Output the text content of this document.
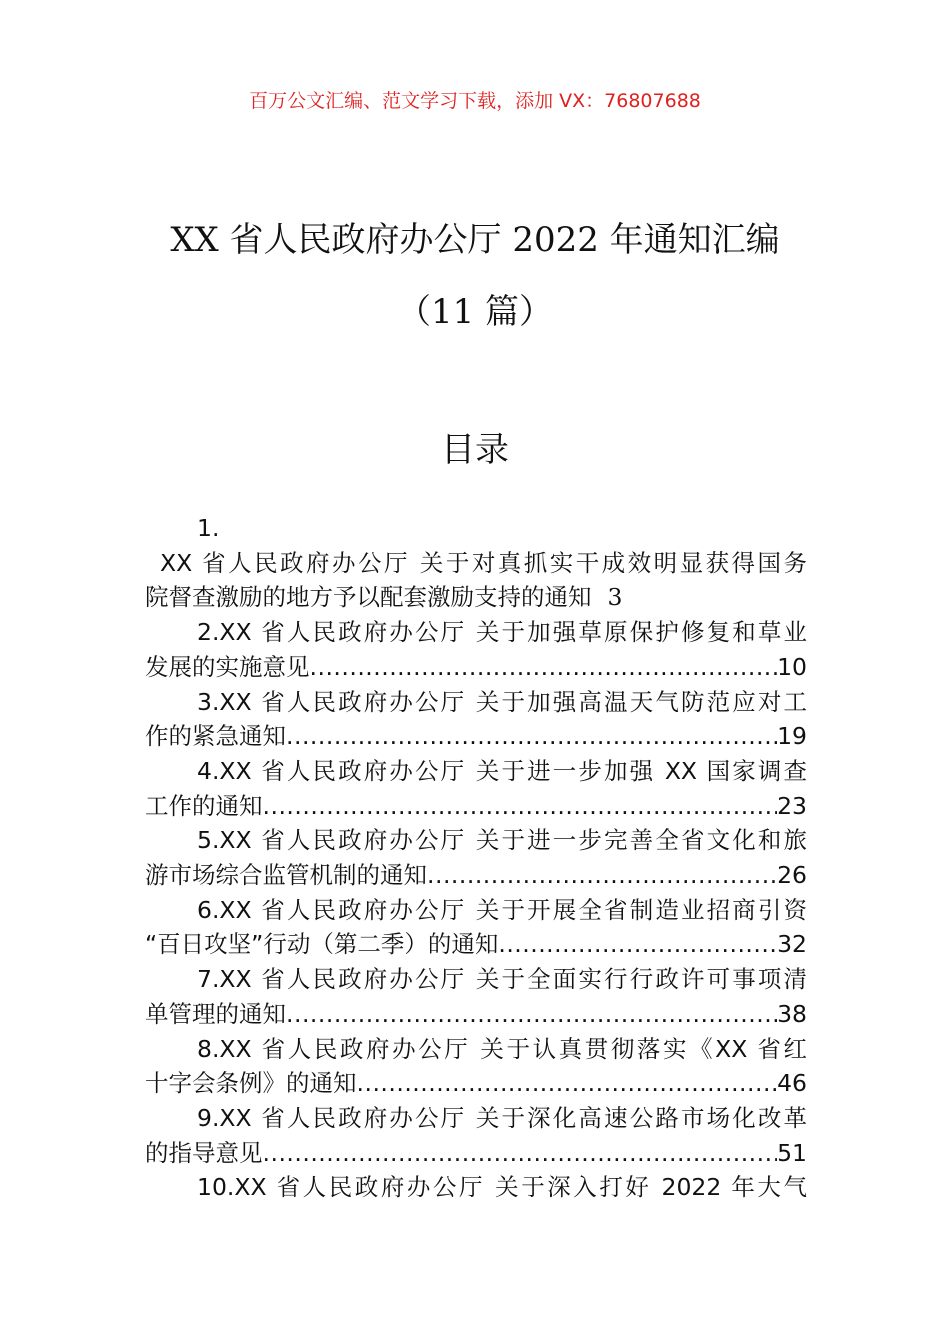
百万公文汇编、范文学习下载，添加 VX：76807688
XX 省人民政府办公厅 2022 年通知汇编
（11 篇）
目录
1.
XX 省人民政府办公厅 关于对真抓实干成效明显获得国务
院督查激励的地方予以配套激励支持的通知 3
2.XX 省人民政府办公厅 关于加强草原保护修复和草业
发展的实施意见 .....	10
3.XX 省人民政府办公厅 关于加强高温天气防范应对工
作的紧急通知 .....	19
4.XX 省人民政府办公厅 关于进一步加强 XX 国家调查
工作的通知 .....	23
5.XX 省人民政府办公厅 关于进一步完善全省文化和旅
游市场综合监管机制的通知 .....	26
6.XX 省人民政府办公厅 关于开展全省制造业招商引资
“百日攻坚”行动（第二季）的通知 .....	32
7.XX 省人民政府办公厅 关于全面实行行政许可事项清
单管理的通知 .....	38
8.XX 省人民政府办公厅 关于认真贯彻落实《XX 省红
十字会条例》的通知 .....	46
9.XX 省人民政府办公厅 关于深化高速公路市场化改革
的指导意见 .....	51
10.XX 省人民政府办公厅 关于深入打好 2022 年大气
